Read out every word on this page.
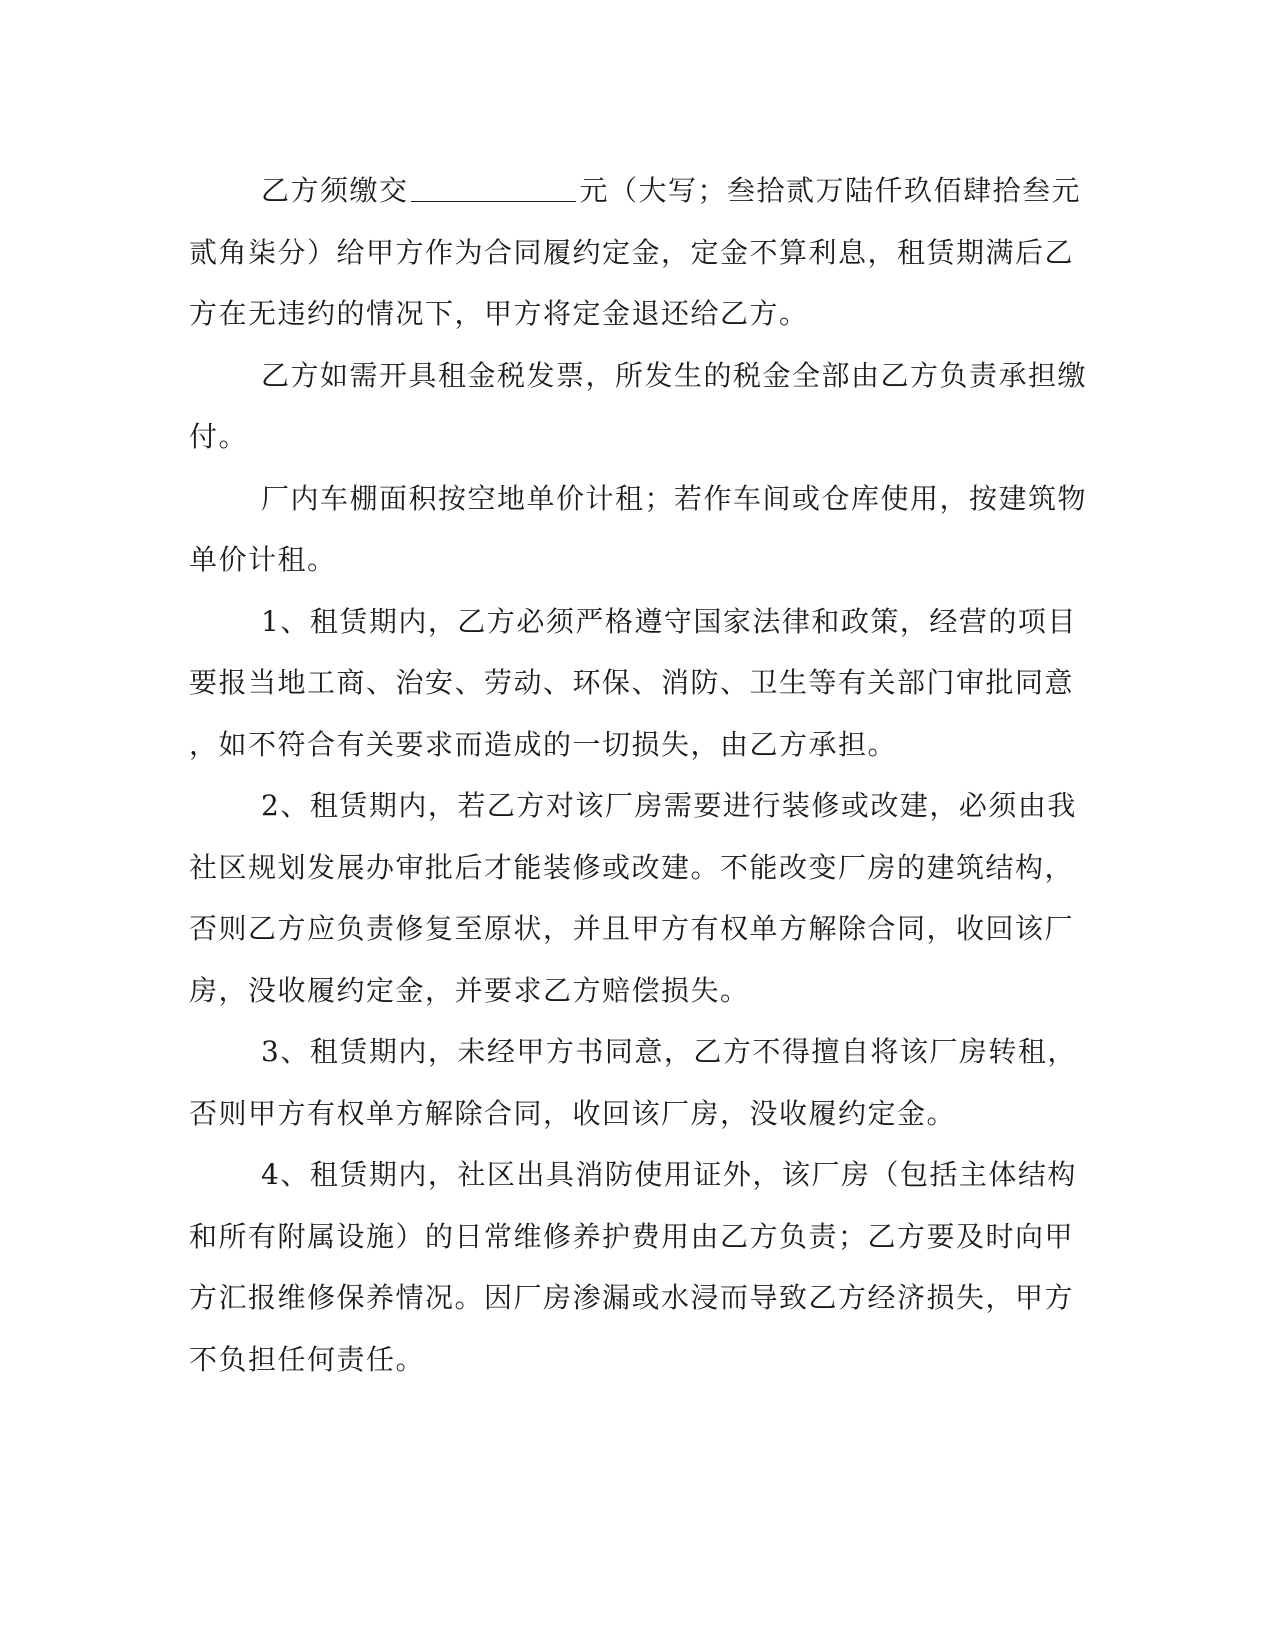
乙方须缴交	元（大写；叁拾贰万陆仟玖佰肆拾叁元
贰角柒分）给甲方作为合同履约定金，定金不算利息，租赁期满后乙
方在无违约的情况下，甲方将定金退还给乙方。
乙方如需开具租金税发票，所发生的税金全部由乙方负责承担缴
付。
厂内车棚面积按空地单价计租；若作车间或仓库使用，按建筑物
单价计租。
1、租赁期内，乙方必须严格遵守国家法律和政策，经营的项目
要报当地工商、治安、劳动、环保、消防、卫生等有关部门审批同意
，如不符合有关要求而造成的一切损失，由乙方承担。
2、租赁期内，若乙方对该厂房需要进行装修或改建，必须由我
社区规划发展办审批后才能装修或改建。不能改变厂房的建筑结构，
否则乙方应负责修复至原状，并且甲方有权单方解除合同，收回该厂
房，没收履约定金，并要求乙方赔偿损失。
3、租赁期内，未经甲方书同意，乙方不得擅自将该厂房转租，
否则甲方有权单方解除合同，收回该厂房，没收履约定金。
4、租赁期内，社区出具消防使用证外，该厂房（包括主体结构
和所有附属设施）的日常维修养护费用由乙方负责；乙方要及时向甲
方汇报维修保养情况。因厂房渗漏或水浸而导致乙方经济损失，甲方
不负担任何责任。
